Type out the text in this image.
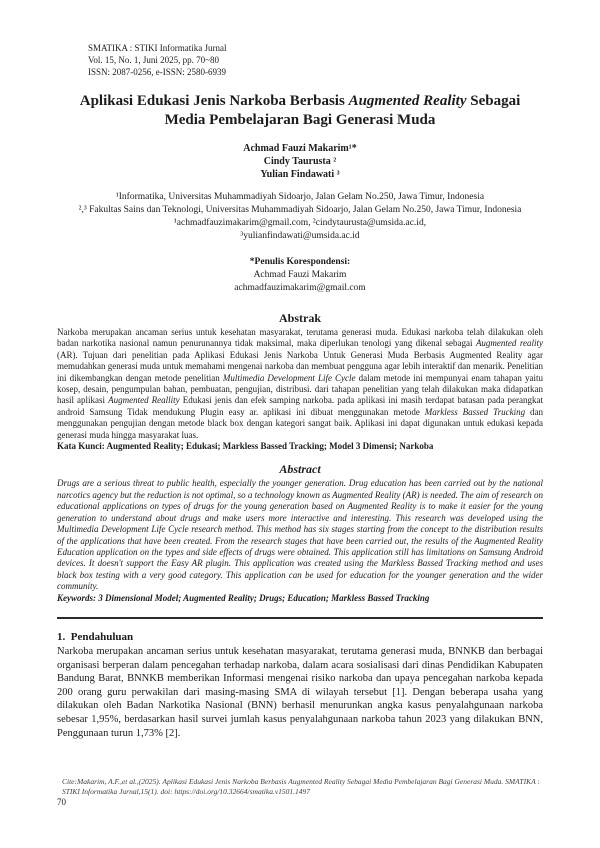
SMATIKA : STIKI Informatika Jurnal
Vol. 15, No. 1, Juni 2025, pp. 70~80
ISSN: 2087-0256, e-ISSN: 2580-6939
Aplikasi Edukasi Jenis Narkoba Berbasis Augmented Reality Sebagai Media Pembelajaran Bagi Generasi Muda
Achmad Fauzi Makarim¹*
Cindy Taurusta ²
Yulian Findawati ³
¹Informatika, Universitas Muhammadiyah Sidoarjo, Jalan Gelam No.250, Jawa Timur, Indonesia
²,³ Fakultas Sains dan Teknologi, Universitas Muhammadiyah Sidoarjo, Jalan Gelam No.250, Jawa Timur, Indonesia
¹achmadfauzimakarim@gmail.com, ²cindytaurusta@umsida.ac.id,
³yulianfindawati@umsida.ac.id
*Penulis Korespondensi:
Achmad Fauzi Makarim
achmadfauzimakarim@gmail.com
Abstrak

Narkoba merupakan ancaman serius untuk kesehatan masyarakat, terutama generasi muda. Edukasi narkoba telah dilakukan oleh badan narkotika nasional namun penurunannya tidak maksimal, maka diperlukan tenologi yang dikenal sebagai Augmented reality (AR). Tujuan dari penelitian pada Aplikasi Edukasi Jenis Narkoba Untuk Generasi Muda Berbasis Augmented Reality agar memudahkan generasi muda untuk memahami mengenai narkoba dan membuat pengguna agar lebih interaktif dan menarik. Penelitian ini dikembangkan dengan metode penelitian Multimedia Development Life Cycle dalam metode ini mempunyai enam tahapan yaitu kosep, desain, pengumpulan bahan, pembuatan, pengujian, distribusi. dari tahapan penelitian yang telah dilakukan maka didapatkan hasil aplikasi Augmented Reallity Edukasi jenis dan efek samping narkoba. pada aplikasi ini masih terdapat batasan pada perangkat android Samsung Tidak mendukung Plugin easy ar. aplikasi ini dibuat menggunakan metode Markless Bassed Trucking dan menggunakan pengujian dengan metode black box dengan kategori sangat baik. Aplikasi ini dapat digunakan untuk edukasi kepada generasi muda hingga masyarakat luas.

Kata Kunci: Augmented Reality; Edukasi; Markless Bassed Tracking; Model 3 Dimensi; Narkoba
Abstract

Drugs are a serious threat to public health, especially the younger generation. Drug education has been carried out by the national narcotics agency but the reduction is not optimal, so a technology known as Augmented Reality (AR) is needed. The aim of research on educational applications on types of drugs for the young generation based on Augmented Reality is to make it easier for the young generation to understand about drugs and make users more interactive and interesting. This research was developed using the Multimedia Development Life Cycle research method. This method has six stages starting from the concept to the distribution results of the applications that have been created. From the research stages that have been carried out, the results of the Augmented Reality Education application on the types and side effects of drugs were obtained. This application still has limitations on Samsung Android devices. It doesn't support the Easy AR plugin. This application was created using the Markless Bassed Tracking method and uses black box testing with a very good category. This application can be used for education for the younger generation and the wider community.

Keywords: 3 Dimensional Model; Augmented Reality; Drugs; Education; Markless Bassed Tracking
1.  Pendahuluan

Narkoba merupakan ancaman serius untuk kesehatan masyarakat, terutama generasi muda, BNNKB dan berbagai organisasi berperan dalam pencegahan terhadap narkoba, dalam acara sosialisasi dari dinas Pendidikan Kabupaten Bandung Barat, BNNKB memberikan Informasi mengenai risiko narkoba dan upaya pencegahan narkoba kepada 200 orang guru perwakilan dari masing-masing SMA di wilayah tersebut [1]. Dengan beberapa usaha yang dilakukan oleh Badan Narkotika Nasional (BNN) berhasil menurunkan angka kasus penyalahgunaan narkoba sebesar 1,95%, berdasarkan hasil survei jumlah kasus penyalahgunaan narkoba tahun 2023 yang dilakukan BNN, Penggunaan turun 1,73% [2].

Cite:Makarim, A.F.,et al.,(2025). Aplikasi Edukasi Jenis Narkoba Berbasis Augmented Reality Sebagai Media Pembelajaran Bagi Generasi Muda. SMATIKA : STIKI Informatika Jurnal,15(1). doi: https://doi.org/10.32664/smatika.v1501.1497
70
